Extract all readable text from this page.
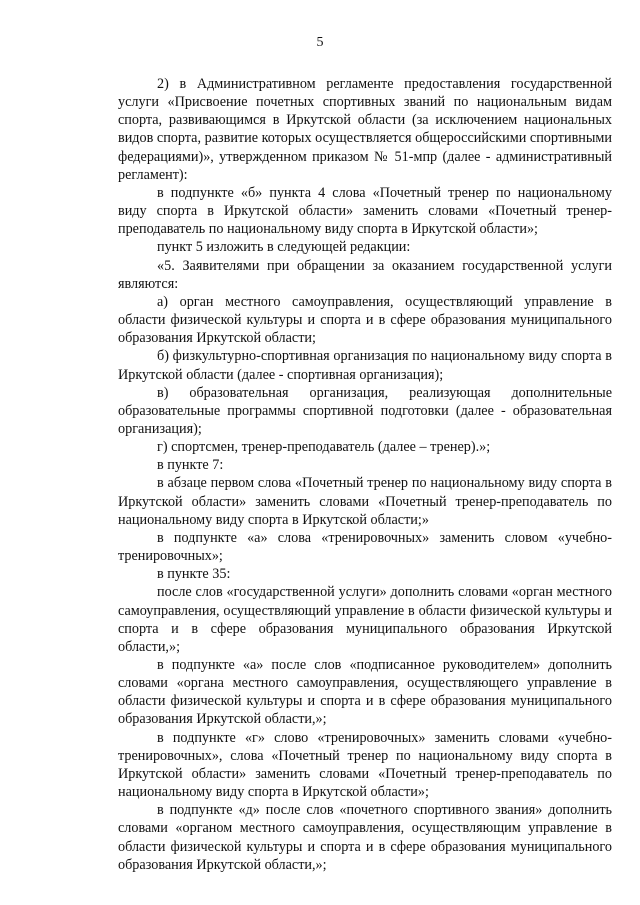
5

2) в Административном регламенте предоставления государственной услуги «Присвоение почетных спортивных званий по национальным видам спорта, развивающимся в Иркутской области (за исключением национальных видов спорта, развитие которых осуществляется общероссийскими спортивными федерациями)», утвержденном приказом № 51-мпр (далее - административный регламент):

в подпункте «б» пункта 4 слова «Почетный тренер по национальному виду спорта в Иркутской области» заменить словами «Почетный тренер-преподаватель по национальному виду спорта в Иркутской области»;

пункт 5 изложить в следующей редакции:

«5. Заявителями при обращении за оказанием государственной услуги являются:

а) орган местного самоуправления, осуществляющий управление в области физической культуры и спорта и в сфере образования муниципального образования Иркутской области;

б) физкультурно-спортивная организация по национальному виду спорта в Иркутской области (далее - спортивная организация);

в) образовательная организация, реализующая дополнительные образовательные программы спортивной подготовки (далее - образовательная организация);

г) спортсмен, тренер-преподаватель (далее – тренер).»;

в пункте 7:

в абзаце первом слова «Почетный тренер по национальному виду спорта в Иркутской области» заменить словами «Почетный тренер-преподаватель по национальному виду спорта в Иркутской области;»

в подпункте «а» слова «тренировочных» заменить словом «учебно-тренировочных»;

в пункте 35:

после слов «государственной услуги» дополнить словами «орган местного самоуправления, осуществляющий управление в области физической культуры и спорта и в сфере образования муниципального образования Иркутской области,»;

в подпункте «а» после слов «подписанное руководителем» дополнить словами «органа местного самоуправления, осуществляющего управление в области физической культуры и спорта и в сфере образования муниципального образования Иркутской области,»;

в подпункте «г» слово «тренировочных» заменить словами «учебно-тренировочных», слова «Почетный тренер по национальному виду спорта в Иркутской области» заменить словами «Почетный тренер-преподаватель по национальному виду спорта в Иркутской области»;

в подпункте «д» после слов «почетного спортивного звания» дополнить словами «органом местного самоуправления, осуществляющим управление в области физической культуры и спорта и в сфере образования муниципального образования Иркутской области,»;
